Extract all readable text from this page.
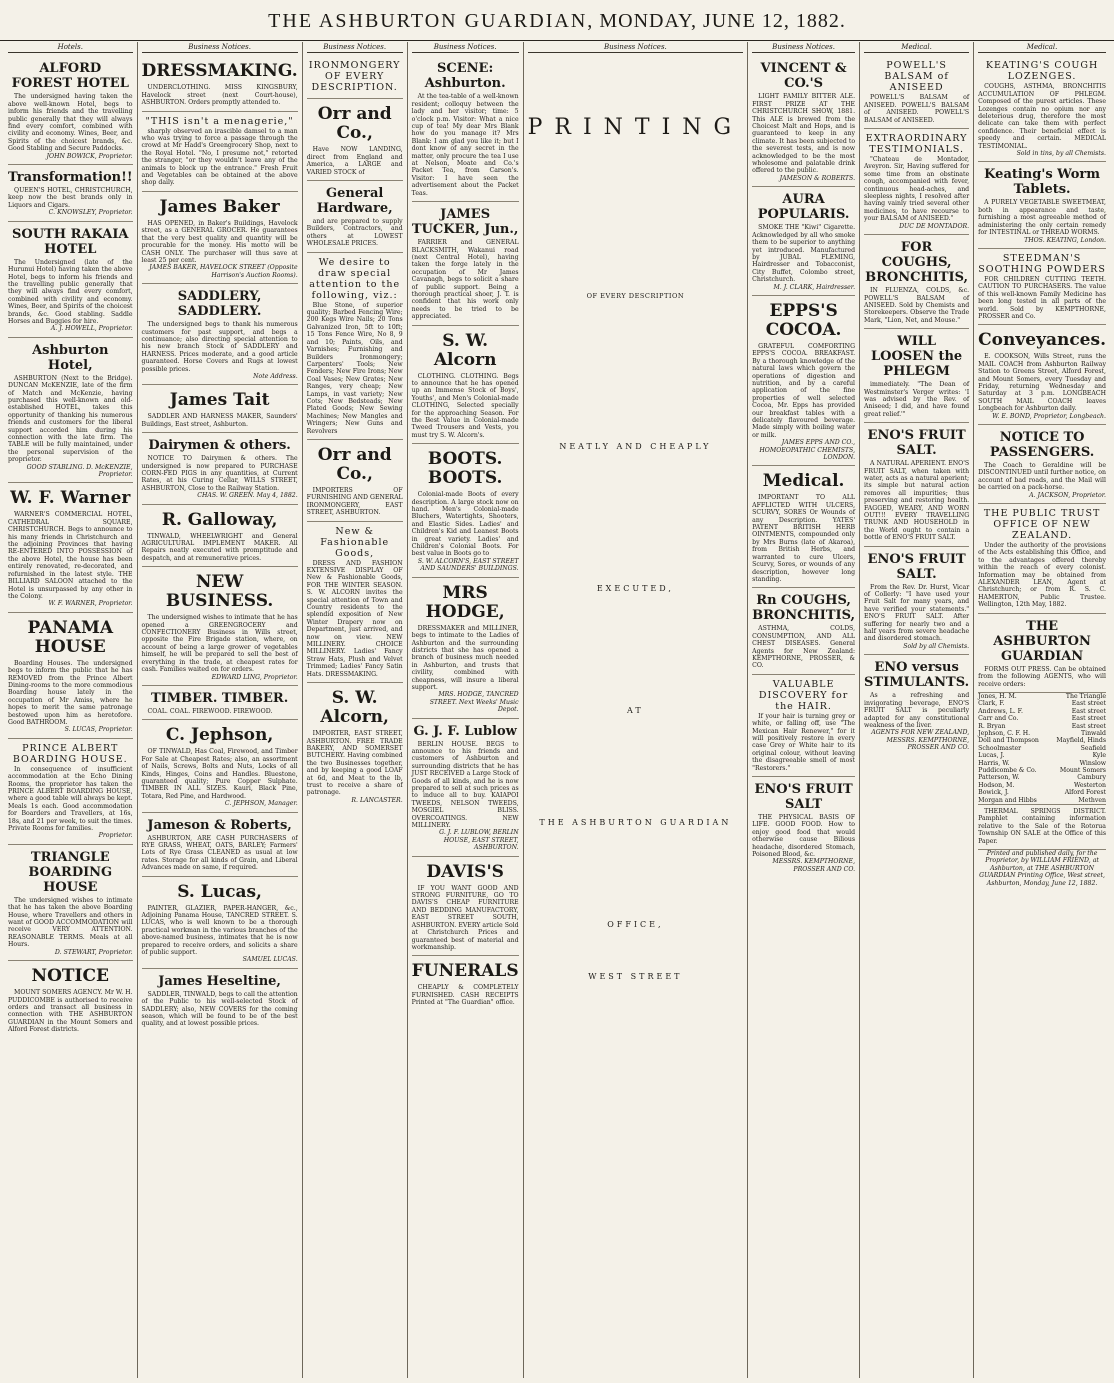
THE ASHBURTON GUARDIAN, MONDAY, JUNE 12, 1882.
Hotels.
ALFORD FOREST HOTEL
The undersigned having taken the above well-known Hotel, begs to inform his friends and the travelling public generally that they will always find every comfort, combined with civility and economy. Wines, Beer, and Spirits of the choicest brands, &c. Good Stabling and Secure Paddocks.
JOHN BOWICK, Proprietor.
Transformation!!
QUEEN'S HOTEL, CHRISTCHURCH, keep now the best brands only in Liquors and Cigars.
C. KNOWSLEY, Proprietor.
SOUTH RAKAIA HOTEL
The Undersigned (late of the Hurunui Hotel) having taken the above Hotel, begs to inform his friends and the travelling public generally that they will always find every comfort, combined with civility and economy. Wines, Beer, and Spirits of the choicest brands, &c. Good stabling. Saddle Horses and Buggies for hire.
A. J. HOWELL, Proprietor.
Ashburton Hotel,
ASHBURTON (Next to the Bridge). DUNCAN McKENZIE, late of the firm of Match and McKenzie, having purchased this well-known and old-established HOTEL, takes this opportunity of thanking his numerous friends and customers for the liberal support accorded him during his connection with the late firm. The TABLE will be fully maintained, under the personal supervision of the proprietor.
GOOD STABLING. D. McKENZIE, Proprietor.
W. F. Warner
WARNER'S COMMERCIAL HOTEL, CATHEDRAL SQUARE, CHRISTCHURCH. Begs to announce to his many friends in Christchurch and the adjoining Provinces that having RE-ENTERED INTO POSSESSION of the above Hotel, the house has been entirely renovated, re-decorated, and refurnished in the latest style. THE BILLIARD SALOON attached to the Hotel is unsurpassed by any other in the Colony.
W. F. WARNER, Proprietor.
PANAMA HOUSE
Boarding Houses. The undersigned begs to inform the public that he has REMOVED from the Prince Albert Dining-rooms to the more commodious Boarding house lately in the occupation of Mr Amiss, where he hopes to merit the same patronage bestowed upon him as heretofore. Good BATHROOM.
S. LUCAS, Proprietor.
PRINCE ALBERT BOARDING HOUSE.
In consequence of insufficient accommodation at the Echo Dining Rooms, the proprietor has taken the PRINCE ALBERT BOARDING HOUSE, where a good table will always be kept. Meals 1s each. Good accommodation for Boarders and Travellers, at 16s, 18s, and 21 per week, to suit the times. Private Rooms for families.
Proprietor.
TRIANGLE BOARDING HOUSE
The undersigned wishes to intimate that he has taken the above Boarding House, where Travellers and others in want of GOOD ACCOMMODATION will receive VERY ATTENTION. REASONABLE TERMS. Meals at all Hours.
D. STEWART, Proprietor.
NOTICE
MOUNT SOMERS AGENCY. Mr W. H. PUDDICOMBE is authorised to receive orders and transact all business in connection with THE ASHBURTON GUARDIAN in the Mount Somers and Alford Forest districts.
Business Notices.
DRESSMAKING.
UNDERCLOTHING. MISS KINGSBURY, Havelock street (next Court-house), ASHBURTON. Orders promptly attended to.
"THIS isn't a menagerie,"
sharply observed an irascible damsel to a man who was trying to force a passage through the crowd at Mr Hadd's Greengrocery Shop, next to the Royal Hotel. "No, I presume not," retorted the stranger, "or they wouldn't leave any of the animals to block up the entrance." Fresh Fruit and Vegetables can be obtained at the above shop daily.
James Baker
HAS OPENED, in Baker's Buildings, Havelock street, as a GENERAL GROCER. He guarantees that the very best quality and quantity will be procurable for the money. His motto will be CASH ONLY. The purchaser will thus save at least 25 per cent.
JAMES BAKER, HAVELOCK STREET (Opposite Harrison's Auction Rooms).
SADDLERY, SADDLERY.
The undersigned begs to thank his numerous customers for past support, and begs a continuance; also directing special attention to his new branch Stock of SADDLERY and HARNESS. Prices moderate, and a good article guaranteed. Horse Covers and Rugs at lowest possible prices.
Note Address.
James Tait
SADDLER AND HARNESS MAKER, Saunders' Buildings, East street, Ashburton.
Dairymen & others.
NOTICE TO Dairymen & others. The undersigned is now prepared to PURCHASE CORN-FED PIGS in any quantities, at Current Rates, at his Curing Cellar, WILLS STREET, ASHBURTON, Close to the Railway Station.
CHAS. W. GREEN. May 4, 1882.
R. Galloway,
TINWALD, WHEELWRIGHT and General AGRICULTURAL IMPLEMENT MAKER. All Repairs neatly executed with promptitude and despatch, and at remunerative prices.
NEW BUSINESS.
The undersigned wishes to intimate that he has opened a GREENGROCERY and CONFECTIONERY Business in Wills street, opposite the Fire Brigade station, where, on account of being a large grower of vegetables himself, he will be prepared to sell the best of everything in the trade, at cheapest rates for cash. Families waited on for orders.
EDWARD LING, Proprietor.
TIMBER. TIMBER.
COAL. COAL. FIREWOOD. FIREWOOD.
C. Jephson,
OF TINWALD, Has Coal, Firewood, and Timber For Sale at Cheapest Rates; also, an assortment of Nails, Screws, Bolts and Nuts, Locks of all Kinds, Hinges, Coins and Handles. Bluestone, guaranteed quality; Pure Copper Sulphate. TIMBER IN ALL SIZES. Kauri, Black Pine, Totara, Red Pine, and Hardwood.
C. JEPHSON, Manager.
Jameson & Roberts,
ASHBURTON, ARE CASH PURCHASERS of RYE GRASS, WHEAT, OATS, BARLEY; Farmers' Lots of Rye Grass CLEANED as usual at low rates. Storage for all kinds of Grain, and Liberal Advances made on same, if required.
S. Lucas,
PAINTER, GLAZIER, PAPER-HANGER, &c., Adjoining Panama House, TANCRED STREET. S. LUCAS, who is well known to be a thorough practical workman in the various branches of the above-named business, intimates that he is now prepared to receive orders, and solicits a share of public support.
SAMUEL LUCAS.
James Heseltine,
SADDLER, TINWALD, begs to call the attention of the Public to his well-selected Stock of SADDLERY; also, NEW COVERS for the coming season, which will be found to be of the best quality, and at lowest possible prices.
Business Notices.
IRONMONGERY OF EVERY DESCRIPTION.
Orr and Co.,
Have NOW LANDING, direct from England and America, a LARGE and VARIED STOCK of
General Hardware,
and are prepared to supply Builders, Contractors, and others at LOWEST WHOLESALE PRICES.
We desire to draw special attention to the following, viz.:
Blue Stone, of superior quality; Barbed Fencing Wire; 200 Kegs Wire Nails; 20 Tons Galvanized Iron, 5ft to 10ft; 15 Tons Fence Wire, No 8, 9 and 10; Paints, Oils, and Varnishes; Furnishing and Builders Ironmongery; Carpenters' Tools; New Fenders; New Fire Irons; New Coal Vases; New Grates; New Ranges, very cheap; New Lamps, in vast variety; New Cots; New Bedsteads; New Plated Goods; New Sewing Machines; New Mangles and Wringers; New Guns and Revolvers
Orr and Co.,
IMPORTERS OF FURNISHING AND GENERAL IRONMONGERY, EAST STREET, ASHBURTON.
New & Fashionable Goods,
DRESS AND FASHION EXTENSIVE DISPLAY OF New & Fashionable Goods, FOR THE WINTER SEASON. S. W. ALCORN invites the special attention of Town and Country residents to the splendid exposition of New Winter Drapery now on Department, just arrived, and now on view. NEW MILLINERY. CHOICE MILLINERY. Ladies' Fancy Straw Hats, Plush and Velvet Trimmed; Ladies' Fancy Satin Hats. DRESSMAKING.
S. W. Alcorn,
IMPORTER, EAST STREET, ASHBURTON. FREE TRADE BAKERY, AND SOMERSET BUTCHERY. Having combined the two Businesses together, and by keeping a good LOAF at 6d, and Meat to the lb, trust to receive a share of patronage.
R. LANCASTER.
Business Notices.
SCENE: Ashburton.
At the tea-table of a well-known resident; colloquy between the lady and her visitor; time: 5 o'clock p.m. Visitor: What a nice cup of tea! My dear Mrs Blank how do you manage it? Mrs Blank: I am glad you like it; but I dont know of any secret in the matter, only procure the tea I use at Nelson, Moate and Co.'s Packet Tea, from Carson's. Visitor: I have seen the advertisement about the Packet Teas.
JAMES TUCKER, Jun.,
FARRIER and GENERAL BLACKSMITH, Wakanui road (next Central Hotel), having taken the forge lately in the occupation of Mr James Cavanagh, begs to solicit a share of public support. Being a thorough practical shoer, J. T. is confident that his work only needs to be tried to be appreciated.
S. W. Alcorn
CLOTHING. CLOTHING. Begs to announce that he has opened up an Immense Stock of Boys', Youths', and Men's Colonial-made CLOTHING, Selected specially for the approaching Season. For the Best Value in Colonial-made Tweed Trousers and Vests, you must try S. W. Alcorn's.
BOOTS. BOOTS.
Colonial-made Boots of every description. A large stock now on hand. Men's Colonial-made Bluchers, Watertights, Shooters, and Elastic Sides. Ladies' and Children's Kid and Leanest Boots in great variety. Ladies' and Children's Colonial Boots. For best value in Boots go to
S. W. ALCORN'S, EAST STREET AND SAUNDERS' BUILDINGS.
MRS HODGE,
DRESSMAKER and MILLINER, begs to intimate to the Ladies of Ashburton and the surrounding districts that she has opened a branch of business much needed in Ashburton, and trusts that civility, combined with cheapness, will insure a liberal support.
MRS. HODGE, TANCRED STREET. Next Weeks' Music Depot.
G. J. F. Lublow
BERLIN HOUSE. BEGS to announce to his friends and customers of Ashburton and surrounding districts that he has JUST RECEIVED a Large Stock of Goods of all kinds, and he is now prepared to sell at such prices as to induce all to buy. KAIAPOI TWEEDS, NELSON TWEEDS, MOSGIEL BLISS. OVERCOATINGS. NEW MILLINERY.
G. J. F. LUBLOW, BERLIN HOUSE, EAST STREET, ASHBURTON.
DAVIS'S
IF YOU WANT GOOD AND STRONG FURNITURE, GO TO DAVIS'S CHEAP FURNITURE AND BEDDING MANUFACTORY, EAST STREET SOUTH, ASHBURTON. EVERY article Sold at Christchurch Prices and guaranteed best of material and workmanship.
FUNERALS
CHEAPLY & COMPLETELY FURNISHED. CASH RECEIPTS Printed at "The Guardian" office.
Business Notices.
PRINTING
OF EVERY DESCRIPTION
NEATLY AND CHEAPLY
EXECUTED,
AT
THE ASHBURTON GUARDIAN
OFFICE,
WEST STREET
Business Notices.
VINCENT & CO.'S
LIGHT FAMILY BITTER ALE. FIRST PRIZE AT THE CHRISTCHURCH SHOW, 1881. This ALE is brewed from the Choicest Malt and Hops, and is guaranteed to keep in any climate. It has been subjected to the severest tests, and is now acknowledged to be the most wholesome and palatable drink offered to the public.
JAMESON & ROBERTS.
AURA POPULARIS.
SMOKE THE "Kiwi" Cigarette. Acknowledged by all who smoke them to be superior to anything yet introduced. Manufactured by JUBAL FLEMING, Hairdresser and Tobacconist, City Buffet, Colombo street, Christchurch.
M. J. CLARK, Hairdresser.
EPPS'S COCOA.
GRATEFUL COMFORTING EPPS'S COCOA. BREAKFAST. By a thorough knowledge of the natural laws which govern the operations of digestion and nutrition, and by a careful application of the fine properties of well selected Cocoa, Mr. Epps has provided our breakfast tables with a delicately flavoured beverage. Made simply with boiling water or milk.
JAMES EPPS AND CO., HOMOEOPATHIC CHEMISTS, LONDON.
Medical.
IMPORTANT TO ALL AFFLICTED WITH ULCERS, SCURVY, SORES Or Wounds of any Description. YATES' PATENT BRITISH HERB OINTMENTS, compounded only by Mrs Burns (late of Akaroa), from British Herbs, and warranted to cure Ulcers, Scurvy, Sores, or wounds of any description, however long standing.
Rn COUGHS, BRONCHITIS,
ASTHMA, COLDS, CONSUMPTION, AND ALL CHEST DISEASES. General Agents for New Zealand: KEMPTHORNE, PROSSER, & CO.
VALUABLE DISCOVERY for the HAIR.
If your hair is turning grey or white, or falling off, use "The Mexican Hair Renewer," for it will positively restore in every case Grey or White hair to its original colour, without leaving the disagreeable smell of most "Restorers."
ENO'S FRUIT SALT
THE PHYSICAL BASIS OF LIFE. GOOD FOOD. How to enjoy good food that would otherwise cause Bilious headache, disordered Stomach, Poisoned Blood, &c.
MESSRS. KEMPTHORNE, PROSSER AND CO.
Medical.
POWELL'S BALSAM of ANISEED
POWELL'S BALSAM of ANISEED. POWELL'S BALSAM of ANISEED. POWELL'S BALSAM of ANISEED.
EXTRAORDINARY TESTIMONIALS.
"Chateau de Montador, Aveyron. Sir, Having suffered for some time from an obstinate cough, accompanied with fever, continuous head-aches, and sleepless nights, I resolved after having vainly tried several other medicines, to have recourse to your BALSAM of ANISEED."
DUC DE MONTADOR.
FOR COUGHS, BRONCHITIS,
IN FLUENZA, COLDS, &c. POWELL'S BALSAM of ANISEED. Sold by Chemists and Storekeepers. Observe the Trade Mark, "Lion, Net, and Mouse."
WILL LOOSEN the PHLEGM
immediately. "The Dean of Westminster's Verger writes: 'I was advised by the Rev. of Aniseed; I did, and have found great relief.'"
ENO'S FRUIT SALT.
A NATURAL APERIENT. ENO'S FRUIT SALT, when taken with water, acts as a natural aperient; its simple but natural action removes all impurities; thus preserving and restoring health. FAGGED, WEARY, AND WORN OUT!!! EVERY TRAVELLING TRUNK AND HOUSEHOLD in the World ought to contain a bottle of ENO'S FRUIT SALT.
ENO'S FRUIT SALT.
From the Rev. Dr. Hurst, Vicar of Collerly: "I have used your Fruit Salt for many years, and have verified your statements." ENO'S FRUIT SALT. After suffering for nearly two and a half years from severe headache and disordered stomach.
Sold by all Chemists.
ENO versus STIMULANTS.
As a refreshing and invigorating beverage, ENO'S FRUIT SALT is peculiarly adapted for any constitutional weakness of the liver.
AGENTS FOR NEW ZEALAND, MESSRS. KEMPTHORNE, PROSSER AND CO.
Medical.
KEATING'S COUGH LOZENGES.
COUGHS, ASTHMA, BRONCHITIS ACCUMULATION OF PHLEGM. Composed of the purest articles. These Lozenges contain no opium nor any deleterious drug, therefore the most delicate can take them with perfect confidence. Their beneficial effect is speedy and certain. MEDICAL TESTIMONIAL.
Sold in tins, by all Chemists.
Keating's Worm Tablets.
A PURELY VEGETABLE SWEETMEAT, both in appearance and taste, furnishing a most agreeable method of administering the only certain remedy for INTESTINAL or THREAD WORMS.
THOS. KEATING, London.
STEEDMAN'S SOOTHING POWDERS
FOR CHILDREN CUTTING TEETH. CAUTION TO PURCHASERS. The value of this well-known Family Medicine has been long tested in all parts of the world. Sold by KEMPTHORNE, PROSSER and Co.
Conveyances.
E. COOKSON, Wills Street, runs the MAIL COACH from Ashburton Railway Station to Greens Street, Alford Forest, and Mount Somers, every Tuesday and Friday, returning Wednesday and Saturday at 3 p.m. LONGBEACH SOUTH MAIL COACH leaves Longbeach for Ashburton daily.
W. E. BOND, Proprietor, Longbeach.
NOTICE TO PASSENGERS.
The Coach to Geraldine will be DISCONTINUED until further notice, on account of bad roads, and the Mail will be carried on a pack-horse.
A. JACKSON, Proprietor.
THE PUBLIC TRUST OFFICE OF NEW ZEALAND.
Under the authority of the provisions of the Acts establishing this Office, and to the advantages offered thereby within the reach of every colonist. Information may be obtained from ALEXANDER LEAN, Agent at Christchurch; or from R. S. C. HAMERTON, Public Trustee. Wellington, 12th May, 1882.
THE ASHBURTON GUARDIAN
FORMS OUT PRESS. Can be obtained from the following AGENTS, who will receive orders:
Jones, H. M.	The Triangle
Clark, F.	East street
Andrews, L. F.	East street
Carr and Co.	East street
R. Bryan	East street
Jephson, C. F. H.	Tinwald
Doll and Thompson	Mayfield, Hinds
Schoolmaster	Seafield
Lucas, J.	Kyle
Harris, W.	Winslow
Puddicombe & Co.	Mount Somers
Patterson, W.	Cambury
Hodson, M.	Westerton
Bowick, J.	Alford Forest
Morgan and Hibbs	Methven
THERMAL SPRINGS DISTRICT. Pamphlet containing information relative to the Sale of the Rotorua Township ON SALE at the Office of this Paper.
Printed and published daily, for the Proprietor, by WILLIAM FRIEND, at Ashburton, at THE ASHBURTON GUARDIAN Printing Office, West street, Ashburton, Monday, June 12, 1882.
